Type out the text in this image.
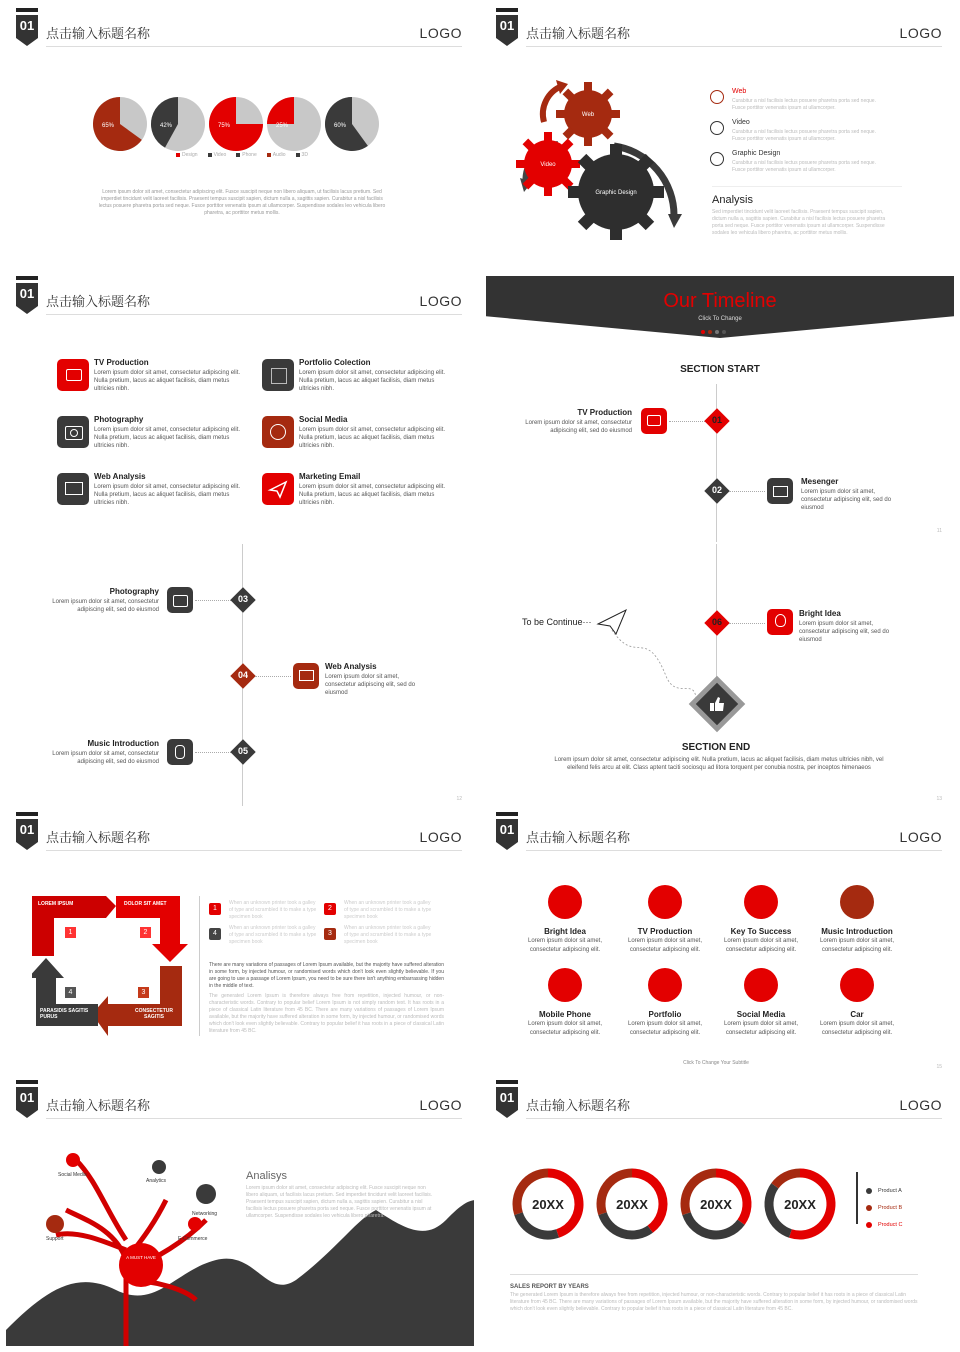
01
点击输入标题名称	LOGO
65%	42%	75%	25%	60%
Design	Video	Phone	Audio	3D
Lorem ipsum dolor sit amet, consectetur adipiscing elit. Fusce suscipit neque non libero aliquam, ut facilisis lacus pretium. Sed imperdiet tincidunt velit laoreet facilisis. Praesent tempus suscipit sapien, dictum nulla a, sagittis sapien. Curabitur a nisl facilisis lectus posuere pharetra porta sed neque. Fusce porttitor venenatis ipsum at ullamcorper. Suspendisse sodales leo vehicula libero pharetra, ac porttitor metus mollis.
01
点击输入标题名称	LOGO
Web
Video
Graphic Design
Web
Curabitur a nisl facilisis lectus posuere pharetra porta sed neque. Fusce porttitor venenatis ipsum at ullamcorper.
Video
Curabitur a nisl facilisis lectus posuere pharetra porta sed neque. Fusce porttitor venenatis ipsum at ullamcorper.
Graphic Design
Curabitur a nisl facilisis lectus posuere pharetra porta sed neque. Fusce porttitor venenatis ipsum at ullamcorper.
Analysis
Sed imperdiet tincidunt velit laoreet facilisis. Praesent tempus suscipit sapien, dictum nulla a, sagittis sapien. Curabitur a nisl facilisis lectus posuere pharetra porta sed neque. Fusce porttitor venenatis ipsum at ullamcorper. Suspendisse sodales leo vehicula libero pharetra, ac porttitor metus mollis.
01
点击输入标题名称	LOGO
TV Production
Lorem ipsum dolor sit amet, consectetur adipiscing elit. Nulla pretium, lacus ac aliquet facilisis, diam metus ultricies nibh.
Portfolio Colection
Lorem ipsum dolor sit amet, consectetur adipiscing elit. Nulla pretium, lacus ac aliquet facilisis, diam metus ultricies nibh.
Photography
Lorem ipsum dolor sit amet, consectetur adipiscing elit. Nulla pretium, lacus ac aliquet facilisis, diam metus ultricies nibh.
Social Media
Lorem ipsum dolor sit amet, consectetur adipiscing elit. Nulla pretium, lacus ac aliquet facilisis, diam metus ultricies nibh.
Web Analysis
Lorem ipsum dolor sit amet, consectetur adipiscing elit. Nulla pretium, lacus ac aliquet facilisis, diam metus ultricies nibh.
Marketing Email
Lorem ipsum dolor sit amet, consectetur adipiscing elit. Nulla pretium, lacus ac aliquet facilisis, diam metus ultricies nibh.
Our Timeline
Click To Change
SECTION START
TV Production
Lorem ipsum dolor sit amet, consectetur adipiscing elit, sed do eiusmod
01
02
Mesenger
Lorem ipsum dolor sit amet, consectetur adipiscing elit, sed do eiusmod
11
Photography
Lorem ipsum dolor sit amet, consectetur adipiscing elit, sed do eiusmod
03
04
Web Analysis
Lorem ipsum dolor sit amet, consectetur adipiscing elit, sed do eiusmod
Music Introduction
Lorem ipsum dolor sit amet, consectetur adipiscing elit, sed do eiusmod
05
12
To be Continue···	06
Bright Idea
Lorem ipsum dolor sit amet, consectetur adipiscing elit, sed do eiusmod
SECTION END
Lorem ipsum dolor sit amet, consectetur adipiscing elit. Nulla pretium, lacus ac aliquet facilisis, diam metus ultricies nibh, vel eleifend felis arcu at elit. Class aptent taciti sociosqu ad litora torquent per conubia nostra, per inceptos himenaeos
13
01
点击输入标题名称	LOGO
LOREM IPSUM	DOLOR SIT AMET
CONSECTETUR SAGITIS
PARASIDIS SAGITIS PURUS
1	2
3
4
1
When an unknown printer took a galley of type and scrambled it to make a type specimen book
2
When an unknown printer took a galley of type and scrambled it to make a type specimen book
4
When an unknown printer took a galley of type and scrambled it to make a type specimen book
3
When an unknown printer took a galley of type and scrambled it to make a type specimen book
There are many variations of passages of Lorem Ipsum available, but the majority have suffered alteration in some form, by injected humour, or randomised words which don't look even slightly believable. If you are going to use a passage of Lorem Ipsum, you need to be sure there isn't anything embarrassing hidden in the middle of text.
The generated Lorem Ipsum is therefore always free from repetition, injected humour, or non-characteristic words. Contrary to popular belief Lorem Ipsum is not simply random text. It has roots in a piece of classical Latin literature from 45 BC. There are many variations of passages of Lorem Ipsum available, but the majority have suffered alteration in some form, by injected humour, or randomised words which don't look even slightly believable. Contrary to popular belief it has roots in a piece of classical Latin literature from 45 BC.
01
点击输入标题名称	LOGO
Bright Idea
Lorem ipsum dolor sit amet, consectetur adipiscing elit.
TV Production
Lorem ipsum dolor sit amet, consectetur adipiscing elit.
Key To Success
Lorem ipsum dolor sit amet, consectetur adipiscing elit.
Music Introduction
Lorem ipsum dolor sit amet, consectetur adipiscing elit.
Mobile Phone
Lorem ipsum dolor sit amet, consectetur adipiscing elit.
Portfolio
Lorem ipsum dolor sit amet, consectetur adipiscing elit.
Social Media
Lorem ipsum dolor sit amet, consectetur adipiscing elit.
Car
Lorem ipsum dolor sit amet, consectetur adipiscing elit.
Click To Change Your Subtitle
15
01
点击输入标题名称	LOGO
A MUST HAVE
Social Media
Analytics
Networking
Support	E-Commerce
Analisys
Lorem ipsum dolor sit amet, consectetur adipiscing elit. Fusce suscipit neque non libero aliquam, ut facilisis lacus pretium. Sed imperdiet tincidunt velit laoreet facilisis. Praesent tempus suscipit sapien, dictum nulla a, sagittis sapien. Curabitur a nisl facilisis lectus posuere pharetra porta sed neque. Fusce porttitor venenatis ipsum at ullamcorper. Suspendisse sodales leo vehicula libero pharetra.
01
点击输入标题名称	LOGO
20XX	20XX	20XX	20XX
Product A
Product B
Product C
SALES REPORT BY YEARS
The generated Lorem Ipsum is therefore always free from repetition, injected humour, or non-characteristic words. Contrary to popular belief it has roots in a piece of classical Latin literature from 45 BC. There are many variations of passages of Lorem Ipsum available, but the majority have suffered alteration in some form, by injected humour, or randomised words which don't look even slightly believable. Contrary to popular belief it has roots in a piece of classical Latin literature from 45 BC.
